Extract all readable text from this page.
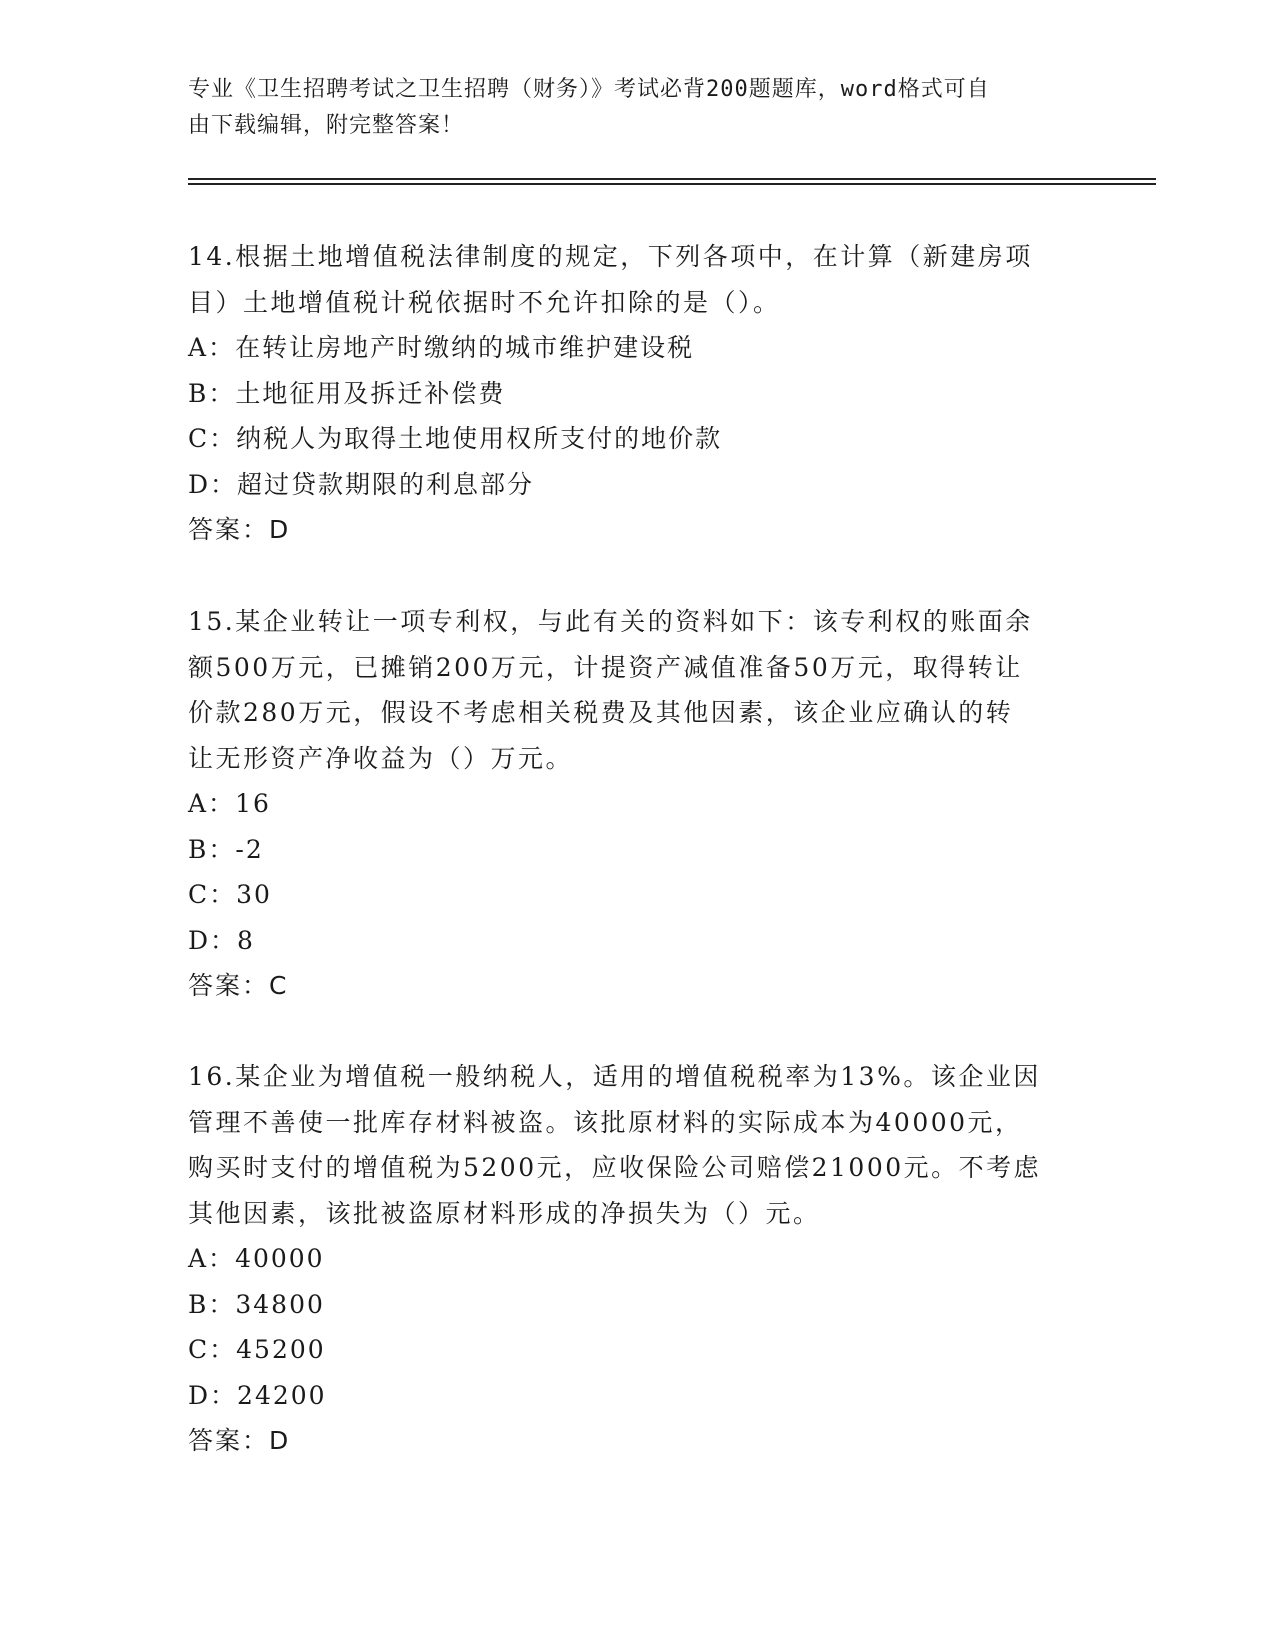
专业《卫生招聘考试之卫生招聘（财务）》考试必背200题题库，word格式可自
由下载编辑，附完整答案！

14.根据土地增值税法律制度的规定，下列各项中，在计算（新建房项

目）土地增值税计税依据时不允许扣除的是（）。

A：在转让房地产时缴纳的城市维护建设税

B：土地征用及拆迁补偿费

C：纳税人为取得土地使用权所支付的地价款

D：超过贷款期限的利息部分

答案：D

15.某企业转让一项专利权，与此有关的资料如下：该专利权的账面余

额500万元，已摊销200万元，计提资产减值准备50万元，取得转让

价款280万元，假设不考虑相关税费及其他因素，该企业应确认的转

让无形资产净收益为（）万元。

A：16

B：-2

C：30

D：8

答案：C

16.某企业为增值税一般纳税人，适用的增值税税率为13%。该企业因

管理不善使一批库存材料被盗。该批原材料的实际成本为40000元，

购买时支付的增值税为5200元，应收保险公司赔偿21000元。不考虑

其他因素，该批被盗原材料形成的净损失为（）元。

A：40000

B：34800

C：45200

D：24200

答案：D
